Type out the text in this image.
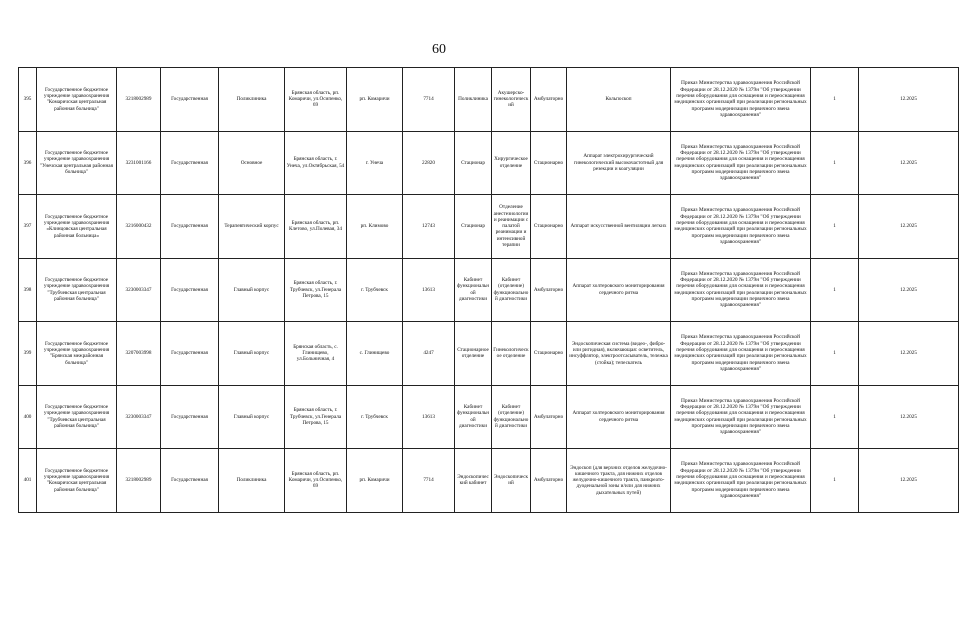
60
395	Государственное бюджетное учреждение здравоохранения "Комаричская центральная районная больница"	3218002989	Государственная	Поликлиника	Брянская область, рп. Комаричи, ул.Осипенко, 69	рп. Комаричи	7714	Поликлиника	Акушерско-гинекологический	Амбулаторно	Кольпоскоп	Приказ Министерства здравоохранения Российской Федерации от 28.12.2020 № 1379н "Об утверждении перечня оборудования для оснащения и переоснащения медицинских организаций при реализации региональных программ модернизации первичного звена здравоохранения"	1	12.2025
396	Государственное бюджетное учреждение здравоохранения "Унечская центральная районная больница"	3231001166	Государственная	Основное	Брянская область, г. Унеча, ул.Октябрьская, 54	г. Унеча	22820	Стационар	Хирургическое отделение	Стационарно	Аппарат электрохирургический гинекологический высокочастотный для резекции и коагуляции	Приказ Министерства здравоохранения Российской Федерации от 28.12.2020 № 1379н "Об утверждении перечня оборудования для оснащения и переоснащения медицинских организаций при реализации региональных программ модернизации первичного звена здравоохранения"	1	12.2025
397	Государственное бюджетное учреждение здравоохранения «Клинцовская центральная районная больница»	3216000432	Государственная	Терапевтический корпус	Брянская область, рп. Клетово, ул.Полевая, 34	рп. Климово	12743	Стационар	Отделение анестезиологии и реанимации с палатой реанимации и интенсивной терапии	Стационарно	Аппарат искусственной вентиляции легких	Приказ Министерства здравоохранения Российской Федерации от 28.12.2020 № 1379н "Об утверждении перечня оборудования для оснащения и переоснащения медицинских организаций при реализации региональных программ модернизации первичного звена здравоохранения"	1	12.2025
398	Государственное бюджетное учреждение здравоохранения "Трубчевская центральная районная больница"	3230003347	Государственная	Главный корпус	Брянская область, г. Трубчевск, ул.Генерала Петрова, 15	г. Трубчевск	13613	Кабинет функциональной диагностики	Кабинет (отделение) функциональной диагностики	Амбулаторно	Аппарат холтеровского мониторирования сердечного ритма	Приказ Министерства здравоохранения Российской Федерации от 28.12.2020 № 1379н "Об утверждении перечня оборудования для оснащения и переоснащения медицинских организаций при реализации региональных программ модернизации первичного звена здравоохранения"	1	12.2025
399	Государственное бюджетное учреждение здравоохранения "Брянская межрайонная больница"	3207003998	Государственная	Главный корпус	Брянская область, с. Глинищево, ул.Больничная, 4	с. Глинищево	4247	Стационарное отделение	Гинекологическое отделение	Стационарно	Эндоскопическая система (видео-, фибро- или ригидная), включающая: осветитель, инсуффлятор, электроотсасыватель, тележка (стойка); тепескатель	Приказ Министерства здравоохранения Российской Федерации от 28.12.2020 № 1379н "Об утверждении перечня оборудования для оснащения и переоснащения медицинских организаций при реализации региональных программ модернизации первичного звена здравоохранения"	1	12.2025
400	Государственное бюджетное учреждение здравоохранения "Трубчевская центральная районная больница"	3230003347	Государственная	Главный корпус	Брянская область, г. Трубчевск, ул.Генерала Петрова, 15	г. Трубчевск	13613	Кабинет функциональной диагностики	Кабинет (отделение) функциональной диагностики	Амбулаторно	Аппарат холтеровского мониторирования сердечного ритма	Приказ Министерства здравоохранения Российской Федерации от 28.12.2020 № 1379н "Об утверждении перечня оборудования для оснащения и переоснащения медицинских организаций при реализации региональных программ модернизации первичного звена здравоохранения"	1	12.2025
401	Государственное бюджетное учреждение здравоохранения "Комаричская центральная районная больница"	3218002989	Государственная	Поликлиника	Брянская область, рп. Комаричи, ул.Осипенко, 69	рп. Комаричи	7714	Эндоскопический кабинет	Эндоскопический	Амбулаторно	Эндоскоп (для верхних отделов желудочно-кишечного тракта, для нижних отделов желудочно-кишечного тракта, панкреато-дуоденальной зоны и/или для нижних дыхательных путей)	Приказ Министерства здравоохранения Российской Федерации от 28.12.2020 № 1379н "Об утверждении перечня оборудования для оснащения и переоснащения медицинских организаций при реализации региональных программ модернизации первичного звена здравоохранения"	1	12.2025
